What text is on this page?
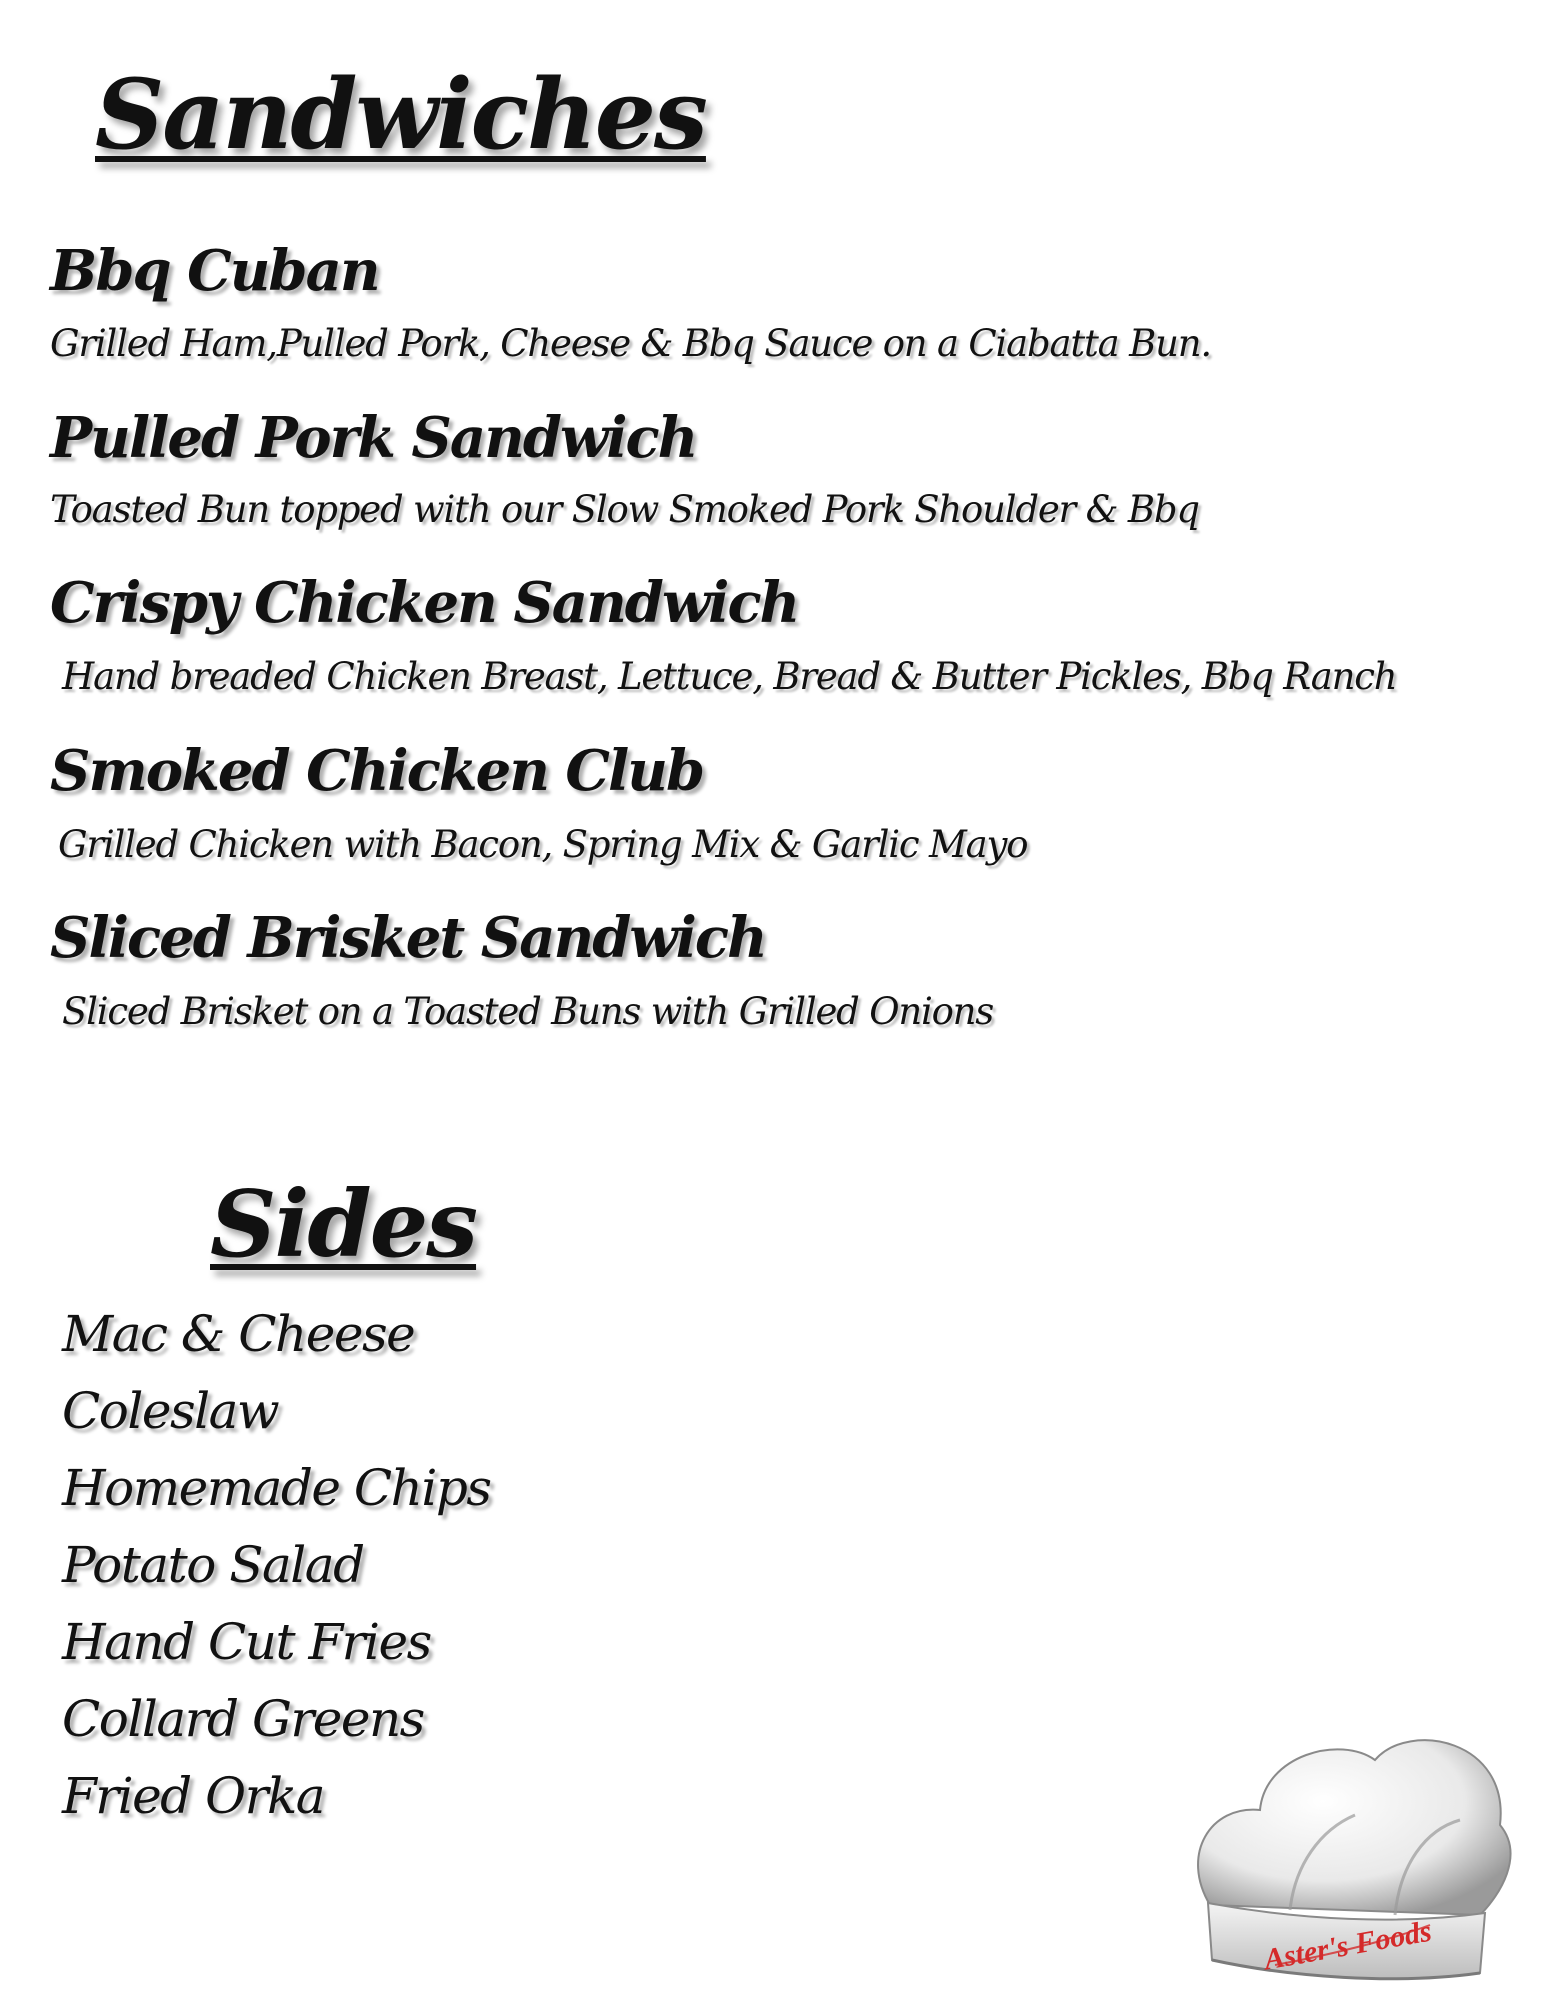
Sandwiches
Bbq Cuban

Grilled Ham,Pulled Pork, Cheese & Bbq Sauce on a Ciabatta Bun.

Pulled Pork Sandwich

Toasted Bun topped with our Slow Smoked Pork Shoulder & Bbq

Crispy Chicken Sandwich

Hand breaded Chicken Breast, Lettuce, Bread & Butter Pickles, Bbq Ranch

Smoked Chicken Club

Grilled Chicken with Bacon, Spring Mix & Garlic Mayo

Sliced Brisket Sandwich

Sliced Brisket on a Toasted Buns with Grilled Onions

Sides

Mac & Cheese

Coleslaw

Homemade Chips

Potato Salad

Hand Cut Fries

Collard Greens

Fried Orka

Aster's Foods
